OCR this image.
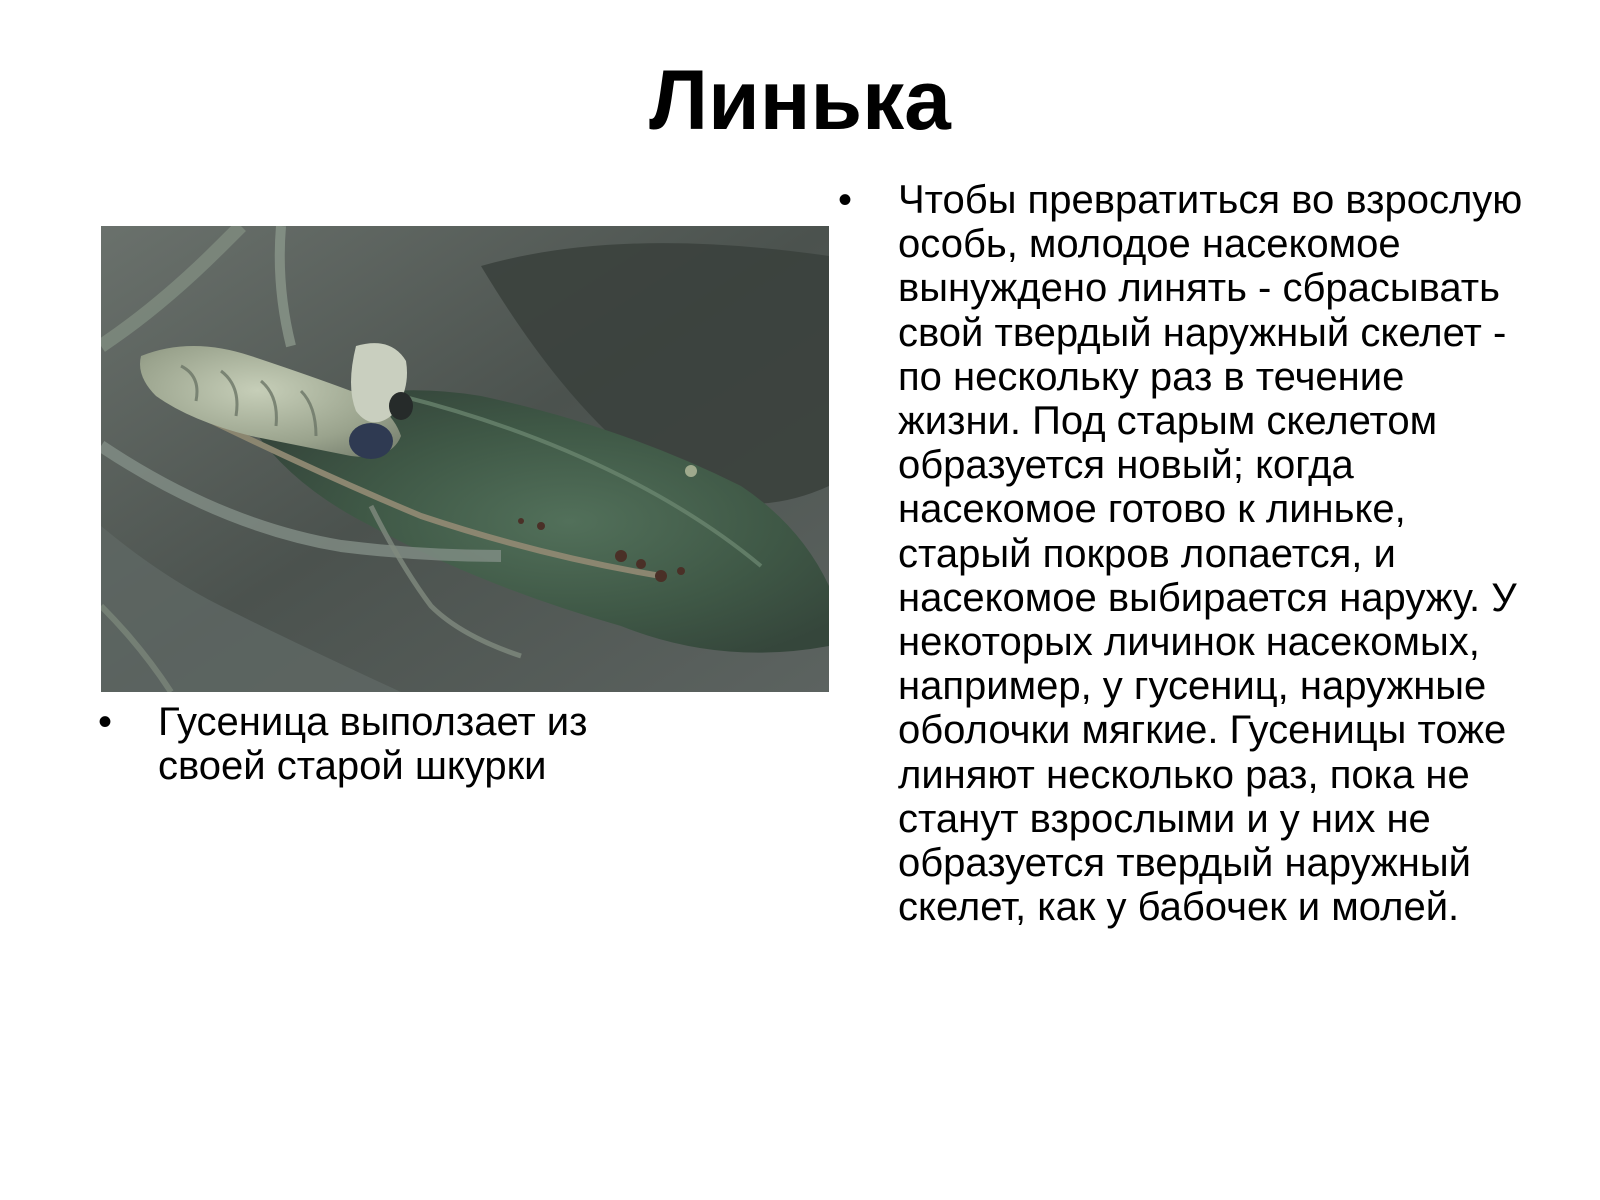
Линька
• Гусеница выползает из своей старой шкурки
• Чтобы превратиться во взрослую особь, молодое насекомое вынуждено линять - сбрасывать свой твердый наружный скелет - по нескольку раз в течение жизни. Под старым скелетом образуется новый; когда насекомое готово к линьке, старый покров лопается, и насекомое выбирается наружу. У некоторых личинок насекомых, например, у гусениц, наружные оболочки мягкие. Гусеницы тоже линяют несколько раз, пока не станут взрослыми и у них не образуется твердый наружный скелет, как у бабочек и молей.
